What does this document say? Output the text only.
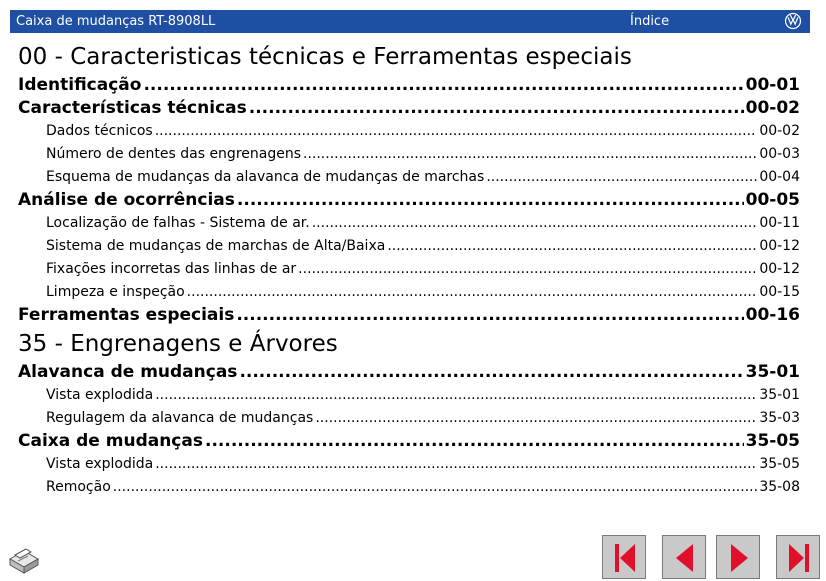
Caixa de mudanças RT-8908LL	Índice
00 - Caracteristicas técnicas e Ferramentas especiais
Identificação .....	00-01
Características técnicas .....	00-02
Dados técnicos .....	00-02
Número de dentes das engrenagens .....	00-03
Esquema de mudanças da alavanca de mudanças de marchas .....	00-04
Análise de ocorrências .....	00-05
Localização de falhas - Sistema de ar. .....	00-11
Sistema de mudanças de marchas de Alta/Baixa .....	00-12
Fixações incorretas das linhas de ar .....	00-12
Limpeza e inspeção .....	00-15
Ferramentas especiais .....	00-16
35 - Engrenagens e Árvores
Alavanca de mudanças .....	35-01
Vista explodida .....	35-01
Regulagem da alavanca de mudanças .....	35-03
Caixa de mudanças .....	35-05
Vista explodida .....	35-05
Remoção .....	35-08
